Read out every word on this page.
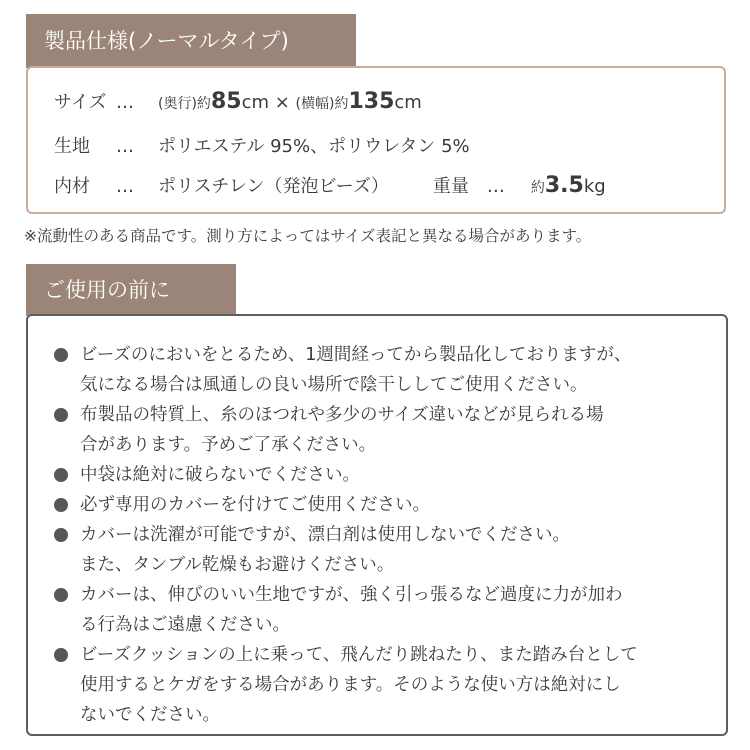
製品仕様(ノーマルタイプ)
サイズ …	(奥行)約 85 cm × (横幅)約 135 cm
生地	…	ポリエステル 95%、ポリウレタン 5%
内材	…	ポリスチレン（発泡ビーズ） 重量 … 約 3.5 kg
※流動性のある商品です。測り方によってはサイズ表記と異なる場合があります。
ご使用の前に
ビーズのにおいをとるため、1週間経ってから製品化しておりますが、
気になる場合は風通しの良い場所で陰干ししてご使用ください。
布製品の特質上、糸のほつれや多少のサイズ違いなどが見られる場
合があります。予めご了承ください。
中袋は絶対に破らないでください。
必ず専用のカバーを付けてご使用ください。
カバーは洗濯が可能ですが、漂白剤は使用しないでください。
また、タンブル乾燥もお避けください。
カバーは、伸びのいい生地ですが、強く引っ張るなど過度に力が加わ
る行為はご遠慮ください。
ビーズクッションの上に乗って、飛んだり跳ねたり、また踏み台として
使用するとケガをする場合があります。そのような使い方は絶対にし
ないでください。
